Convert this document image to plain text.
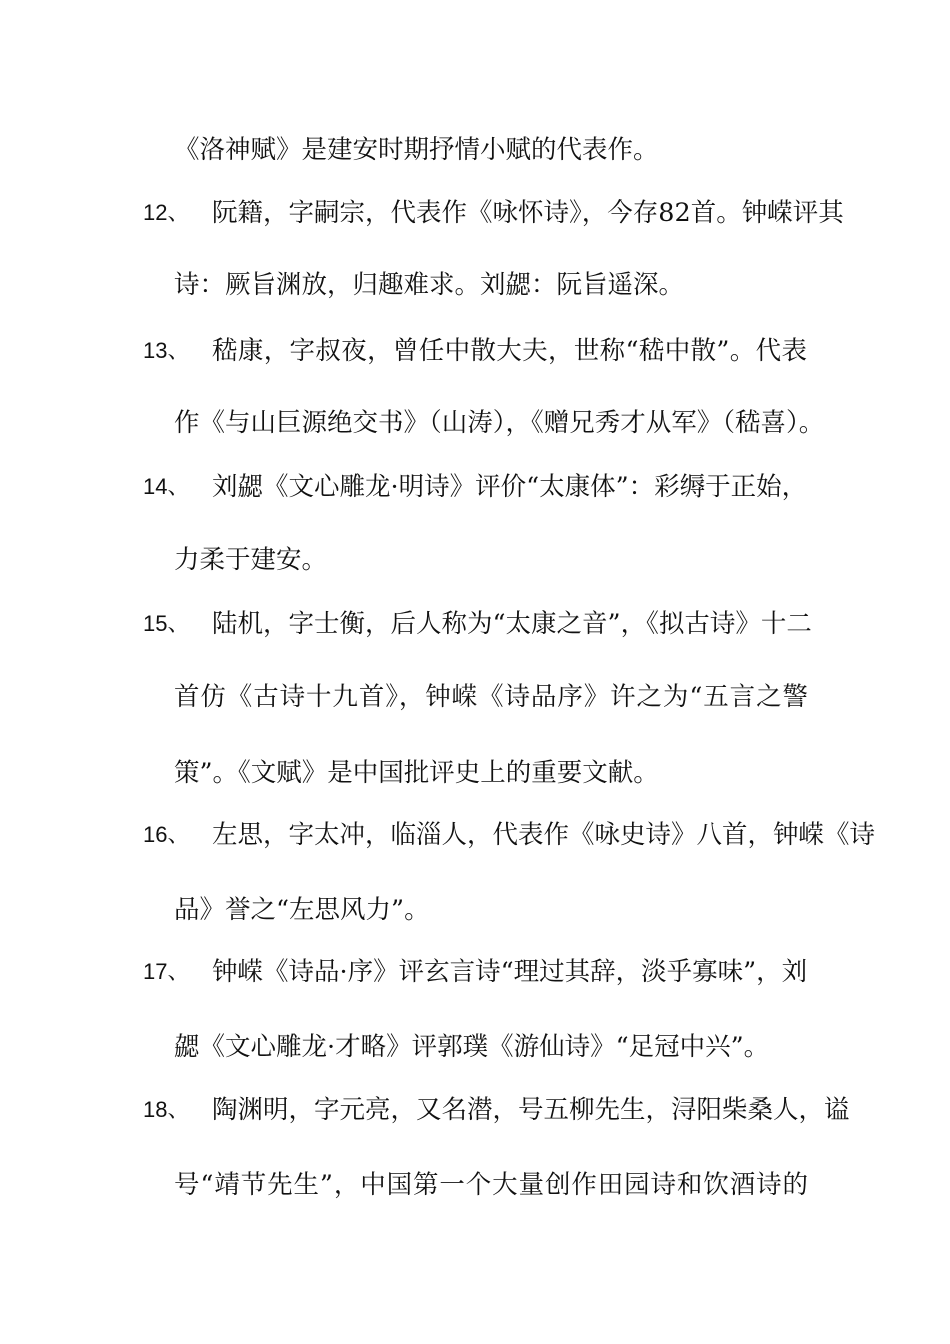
《洛神赋》是建安时期抒情小赋的代表作。
12、 阮籍，字嗣宗，代表作《咏怀诗》，今存82首。钟嵘评其
诗：厥旨渊放，归趣难求。刘勰：阮旨遥深。
13、 嵇康，字叔夜，曾任中散大夫，世称“嵇中散”。代表
作《与山巨源绝交书》（山涛），《赠兄秀才从军》（嵇喜）。
14、 刘勰《文心雕龙·明诗》评价“太康体”：彩缛于正始，
力柔于建安。
15、 陆机，字士衡，后人称为“太康之音”，《拟古诗》十二
首仿《古诗十九首》，钟嵘《诗品序》许之为“五言之警
策”。《文赋》是中国批评史上的重要文献。
16、 左思，字太冲，临淄人，代表作《咏史诗》八首，钟嵘《诗
品》誉之“左思风力”。
17、 钟嵘《诗品·序》评玄言诗“理过其辞，淡乎寡味”，刘
勰《文心雕龙·才略》评郭璞《游仙诗》“足冠中兴”。
18、 陶渊明，字元亮，又名潜，号五柳先生，浔阳柴桑人，谥
号“靖节先生”，中国第一个大量创作田园诗和饮酒诗的
